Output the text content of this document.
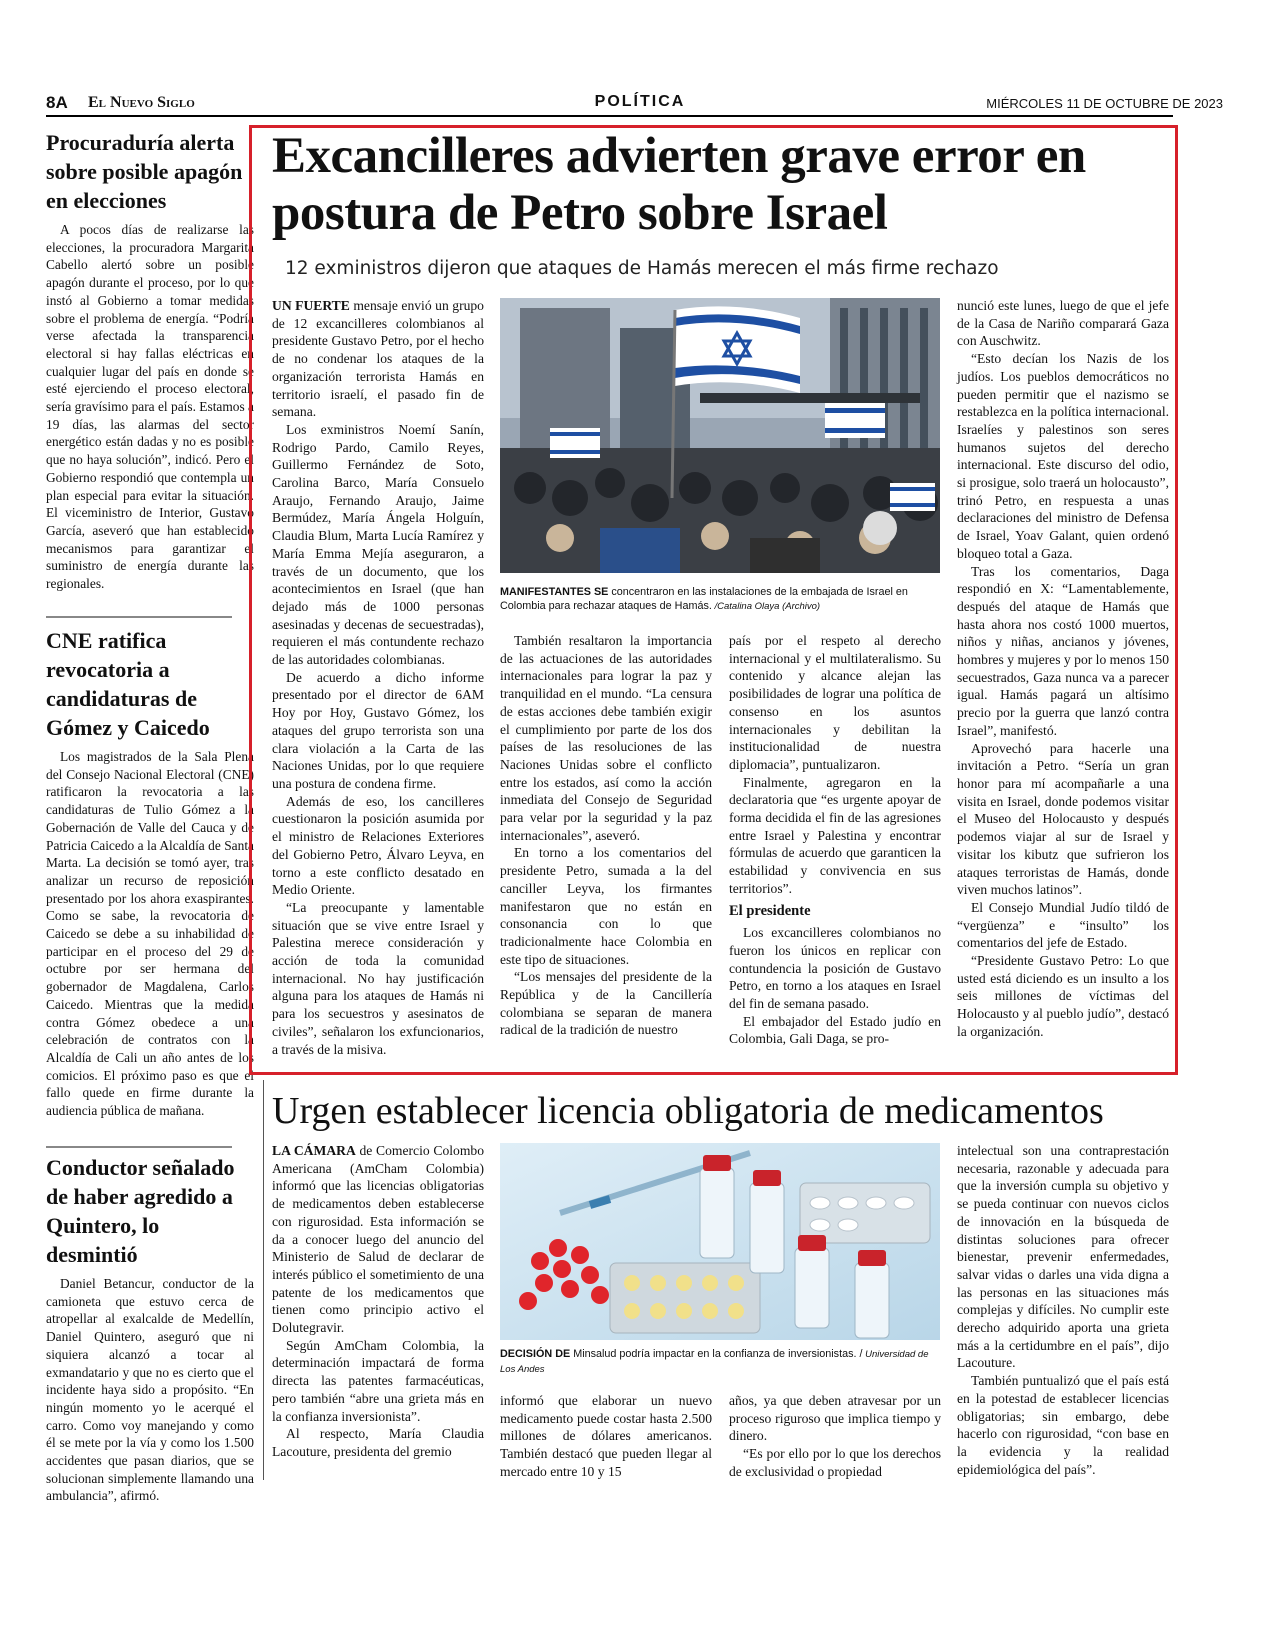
8A El Nuevo Siglo	POLÍTICA	MIÉRCOLES 11 DE OCTUBRE DE 2023
Procuraduría alerta sobre posible apagón en elecciones

A pocos días de realizarse las elecciones, la procuradora Margarita Cabello alertó sobre un posible apagón durante el proceso, por lo que instó al Gobierno a tomar medidas sobre el problema de energía. “Podría verse afectada la transparencia electoral si hay fallas eléctricas en cualquier lugar del país en donde se esté ejerciendo el proceso electoral, sería gravísimo para el país. Estamos a 19 días, las alarmas del sector energético están dadas y no es posible que no haya solución”, indicó. Pero el Gobierno respondió que contempla un plan especial para evitar la situación. El viceministro de Interior, Gustavo García, aseveró que han establecido mecanismos para garantizar el suministro de energía durante las regionales.

CNE ratifica revocatoria a candidaturas de Gómez y Caicedo

Los magistrados de la Sala Plena del Consejo Nacional Electoral (CNE) ratificaron la revocatoria a las candidaturas de Tulio Gómez a la Gobernación de Valle del Cauca y de Patricia Caicedo a la Alcaldía de Santa Marta. La decisión se tomó ayer, tras analizar un recurso de reposición presentado por los ahora exaspirantes. Como se sabe, la revocatoria de Caicedo se debe a su inhabilidad de participar en el proceso del 29 de octubre por ser hermana del gobernador de Magdalena, Carlos Caicedo. Mientras que la medida contra Gómez obedece a una celebración de contratos con la Alcaldía de Cali un año antes de los comicios. El próximo paso es que el fallo quede en firme durante la audiencia pública de mañana.

Conductor señalado de haber agredido a Quintero, lo desmintió

Daniel Betancur, conductor de la camioneta que estuvo cerca de atropellar al exalcalde de Medellín, Daniel Quintero, aseguró que ni siquiera alcanzó a tocar al exmandatario y que no es cierto que el incidente haya sido a propósito. “En ningún momento yo le acerqué el carro. Como voy manejando y como él se mete por la vía y como los 1.500 accidentes que pasan diarios, que se solucionan simplemente llamando una ambulancia”, afirmó.

Excancilleres advierten grave error en postura de Petro sobre Israel
12 exministros dijeron que ataques de Hamás merecen el más firme rechazo

UN FUERTE mensaje envió un grupo de 12 excancilleres colombianos al presidente Gustavo Petro, por el hecho de no condenar los ataques de la organización terrorista Hamás en territorio israelí, el pasado fin de semana.

Los exministros Noemí Sanín, Rodrigo Pardo, Camilo Reyes, Guillermo Fernández de Soto, Carolina Barco, María Consuelo Araujo, Fernando Araujo, Jaime Bermúdez, María Ángela Holguín, Claudia Blum, Marta Lucía Ramírez y María Emma Mejía aseguraron, a través de un documento, que los acontecimientos en Israel (que han dejado más de 1000 personas asesinadas y decenas de secuestradas), requieren el más contundente rechazo de las autoridades colombianas.

De acuerdo a dicho informe presentado por el director de 6AM Hoy por Hoy, Gustavo Gómez, los ataques del grupo terrorista son una clara violación a la Carta de las Naciones Unidas, por lo que requiere una postura de condena firme.

Además de eso, los cancilleres cuestionaron la posición asumida por el ministro de Relaciones Exteriores del Gobierno Petro, Álvaro Leyva, en torno a este conflicto desatado en Medio Oriente.

“La preocupante y lamentable situación que se vive entre Israel y Palestina merece consideración y acción de toda la comunidad internacional. No hay justificación alguna para los ataques de Hamás ni para los secuestros y asesinatos de civiles”, señalaron los exfuncionarios, a través de la misiva.

MANIFESTANTES SE concentraron en las instalaciones de la embajada de Israel en Colombia para rechazar ataques de Hamás. /Catalina Olaya (Archivo)

También resaltaron la importancia de las actuaciones de las autoridades internacionales para lograr la paz y tranquilidad en el mundo. “La censura de estas acciones debe también exigir el cumplimiento por parte de los dos países de las resoluciones de las Naciones Unidas sobre el conflicto entre los estados, así como la acción inmediata del Consejo de Seguridad para velar por la seguridad y la paz internacionales”, aseveró.

En torno a los comentarios del presidente Petro, sumada a la del canciller Leyva, los firmantes manifestaron que no están en consonancia con lo que tradicionalmente hace Colombia en este tipo de situaciones.

“Los mensajes del presidente de la República y de la Cancillería colombiana se separan de manera radical de la tradición de nuestro

país por el respeto al derecho internacional y el multilateralismo. Su contenido y alcance alejan las posibilidades de lograr una política de consenso en los asuntos internacionales y debilitan la institucionalidad de nuestra diplomacia”, puntualizaron.

Finalmente, agregaron en la declaratoria que “es urgente apoyar de forma decidida el fin de las agresiones entre Israel y Palestina y encontrar fórmulas de acuerdo que garanticen la estabilidad y convivencia en sus territorios”.

El presidente

Los excancilleres colombianos no fueron los únicos en replicar con contundencia la posición de Gustavo Petro, en torno a los ataques en Israel del fin de semana pasado.

El embajador del Estado judío en Colombia, Gali Daga, se pro-

nunció este lunes, luego de que el jefe de la Casa de Nariño comparará Gaza con Auschwitz.

“Esto decían los Nazis de los judíos. Los pueblos democráticos no pueden permitir que el nazismo se restablezca en la política internacional. Israelíes y palestinos son seres humanos sujetos del derecho internacional. Este discurso del odio, si prosigue, solo traerá un holocausto”, trinó Petro, en respuesta a unas declaraciones del ministro de Defensa de Israel, Yoav Galant, quien ordenó bloqueo total a Gaza.

Tras los comentarios, Daga respondió en X: “Lamentablemente, después del ataque de Hamás que hasta ahora nos costó 1000 muertos, niños y niñas, ancianos y jóvenes, hombres y mujeres y por lo menos 150 secuestrados, Gaza nunca va a parecer igual. Hamás pagará un altísimo precio por la guerra que lanzó contra Israel”, manifestó.

Aprovechó para hacerle una invitación a Petro. “Sería un gran honor para mí acompañarle a una visita en Israel, donde podemos visitar el Museo del Holocausto y después podemos viajar al sur de Israel y visitar los kibutz que sufrieron los ataques terroristas de Hamás, donde viven muchos latinos”.

El Consejo Mundial Judío tildó de “vergüenza” e “insulto” los comentarios del jefe de Estado.

“Presidente Gustavo Petro: Lo que usted está diciendo es un insulto a los seis millones de víctimas del Holocausto y al pueblo judío”, destacó la organización.

Urgen establecer licencia obligatoria de medicamentos

LA CÁMARA de Comercio Colombo Americana (AmCham Colombia) informó que las licencias obligatorias de medicamentos deben establecerse con rigurosidad. Esta información se da a conocer luego del anuncio del Ministerio de Salud de declarar de interés público el sometimiento de una patente de los medicamentos que tienen como principio activo el Dolutegravir.

Según AmCham Colombia, la determinación impactará de forma directa las patentes farmacéuticas, pero también “abre una grieta más en la confianza inversionista”.

Al respecto, María Claudia Lacouture, presidenta del gremio

DECISIÓN DE Minsalud podría impactar en la confianza de inversionistas. / Universidad de Los Andes

informó que elaborar un nuevo medicamento puede costar hasta 2.500 millones de dólares americanos. También destacó que pueden llegar al mercado entre 10 y 15

años, ya que deben atravesar por un proceso riguroso que implica tiempo y dinero.

“Es por ello por lo que los derechos de exclusividad o propiedad

intelectual son una contraprestación necesaria, razonable y adecuada para que la inversión cumpla su objetivo y se pueda continuar con nuevos ciclos de innovación en la búsqueda de distintas soluciones para ofrecer bienestar, prevenir enfermedades, salvar vidas o darles una vida digna a las personas en las situaciones más complejas y difíciles. No cumplir este derecho adquirido aporta una grieta más a la certidumbre en el país”, dijo Lacouture.

También puntualizó que el país está en la potestad de establecer licencias obligatorias; sin embargo, debe hacerlo con rigurosidad, “con base en la evidencia y la realidad epidemiológica del país”.
